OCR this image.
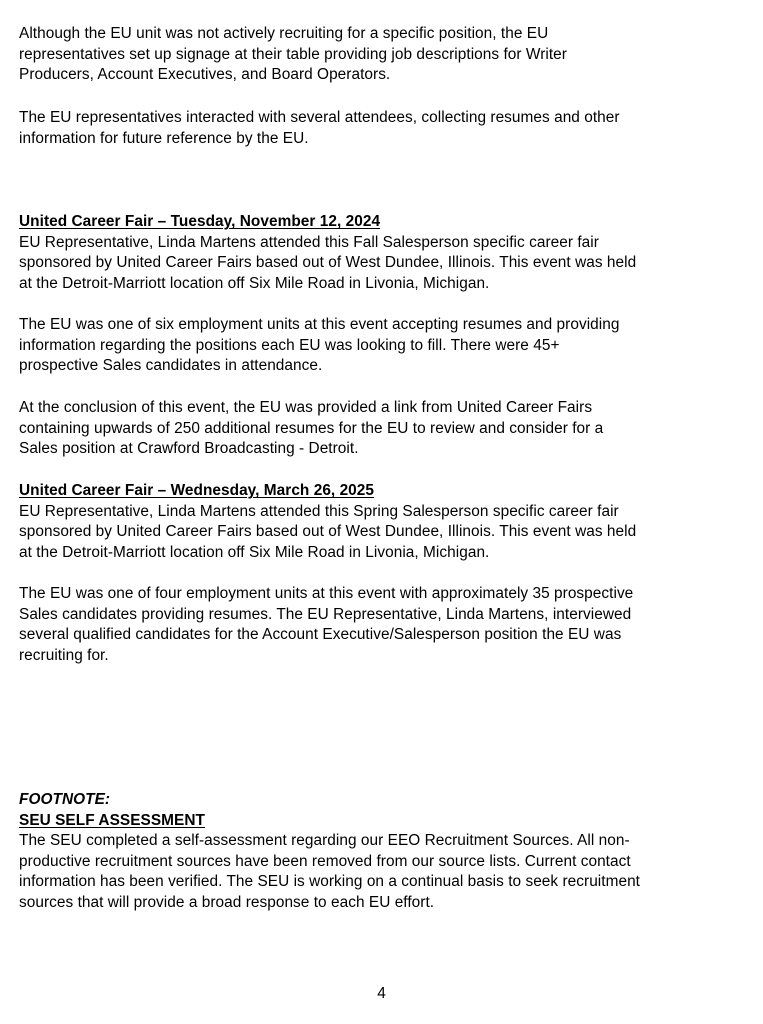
Although the EU unit was not actively recruiting for a specific position, the EU
representatives set up signage at their table providing job descriptions for Writer
Producers, Account Executives, and Board Operators.
The EU representatives interacted with several attendees, collecting resumes and other
information for future reference by the EU.
United Career Fair – Tuesday, November 12, 2024
EU Representative, Linda Martens attended this Fall Salesperson specific career fair
sponsored by United Career Fairs based out of West Dundee, Illinois. This event was held
at the Detroit-Marriott location off Six Mile Road in Livonia, Michigan.
The EU was one of six employment units at this event accepting resumes and providing
information regarding the positions each EU was looking to fill. There were 45+
prospective Sales candidates in attendance.
At the conclusion of this event, the EU was provided a link from United Career Fairs
containing upwards of 250 additional resumes for the EU to review and consider for a
Sales position at Crawford Broadcasting - Detroit.
United Career Fair – Wednesday, March 26, 2025
EU Representative, Linda Martens attended this Spring Salesperson specific career fair
sponsored by United Career Fairs based out of West Dundee, Illinois. This event was held
at the Detroit-Marriott location off Six Mile Road in Livonia, Michigan.
The EU was one of four employment units at this event with approximately 35 prospective
Sales candidates providing resumes. The EU Representative, Linda Martens, interviewed
several qualified candidates for the Account Executive/Salesperson position the EU was
recruiting for.
FOOTNOTE:
SEU SELF ASSESSMENT
The SEU completed a self-assessment regarding our EEO Recruitment Sources. All non-
productive recruitment sources have been removed from our source lists. Current contact
information has been verified. The SEU is working on a continual basis to seek recruitment
sources that will provide a broad response to each EU effort.
4
